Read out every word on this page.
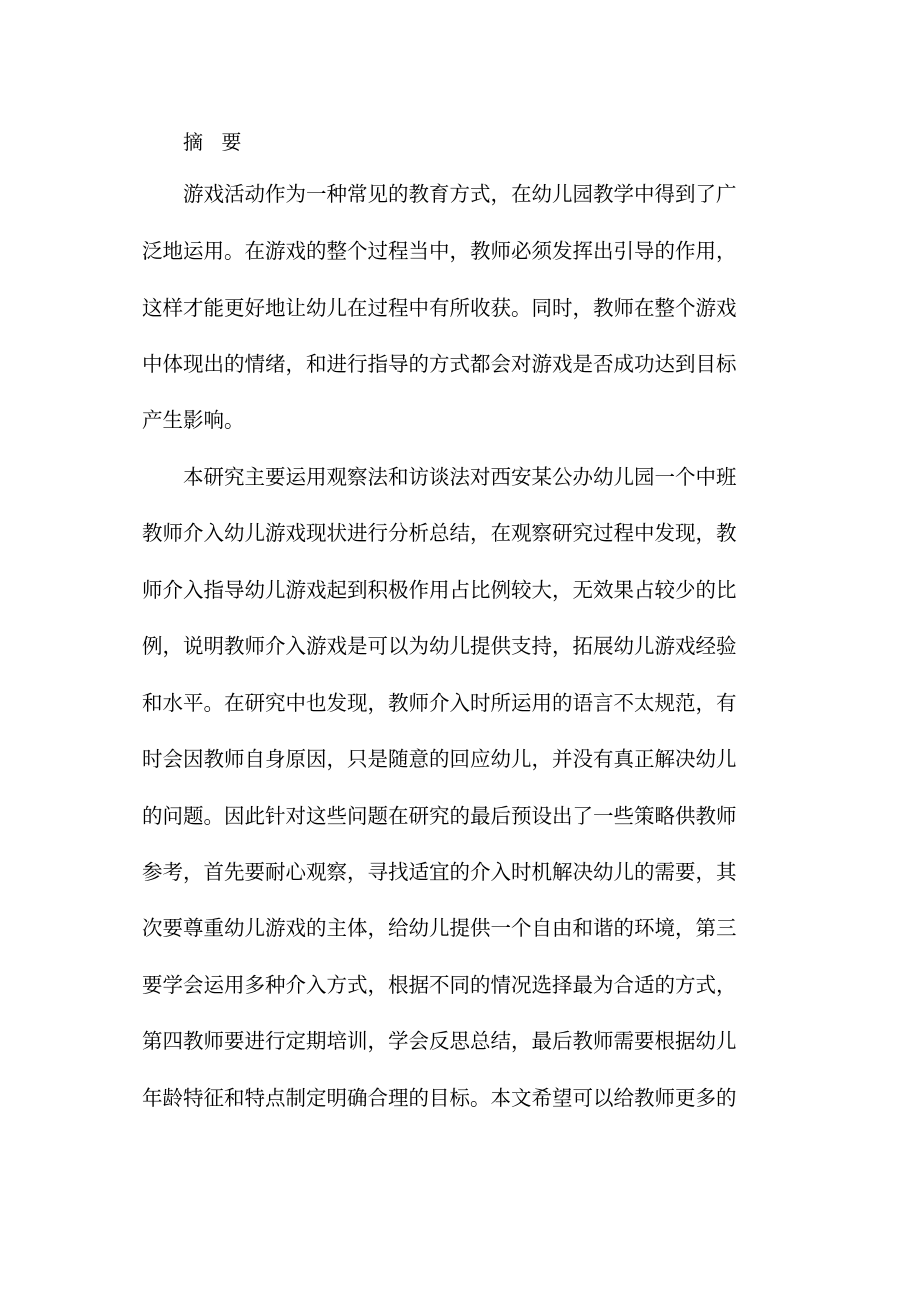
摘 要
游戏活动作为一种常见的教育方式，在幼儿园教学中得到了广
泛地运用。在游戏的整个过程当中，教师必须发挥出引导的作用，
这样才能更好地让幼儿在过程中有所收获。同时，教师在整个游戏
中体现出的情绪，和进行指导的方式都会对游戏是否成功达到目标
产生影响。
本研究主要运用观察法和访谈法对西安某公办幼儿园一个中班
教师介入幼儿游戏现状进行分析总结，在观察研究过程中发现，教
师介入指导幼儿游戏起到积极作用占比例较大，无效果占较少的比
例，说明教师介入游戏是可以为幼儿提供支持，拓展幼儿游戏经验
和水平。在研究中也发现，教师介入时所运用的语言不太规范，有
时会因教师自身原因，只是随意的回应幼儿，并没有真正解决幼儿
的问题。因此针对这些问题在研究的最后预设出了一些策略供教师
参考，首先要耐心观察，寻找适宜的介入时机解决幼儿的需要，其
次要尊重幼儿游戏的主体，给幼儿提供一个自由和谐的环境，第三
要学会运用多种介入方式，根据不同的情况选择最为合适的方式，
第四教师要进行定期培训，学会反思总结，最后教师需要根据幼儿
年龄特征和特点制定明确合理的目标。本文希望可以给教师更多的
